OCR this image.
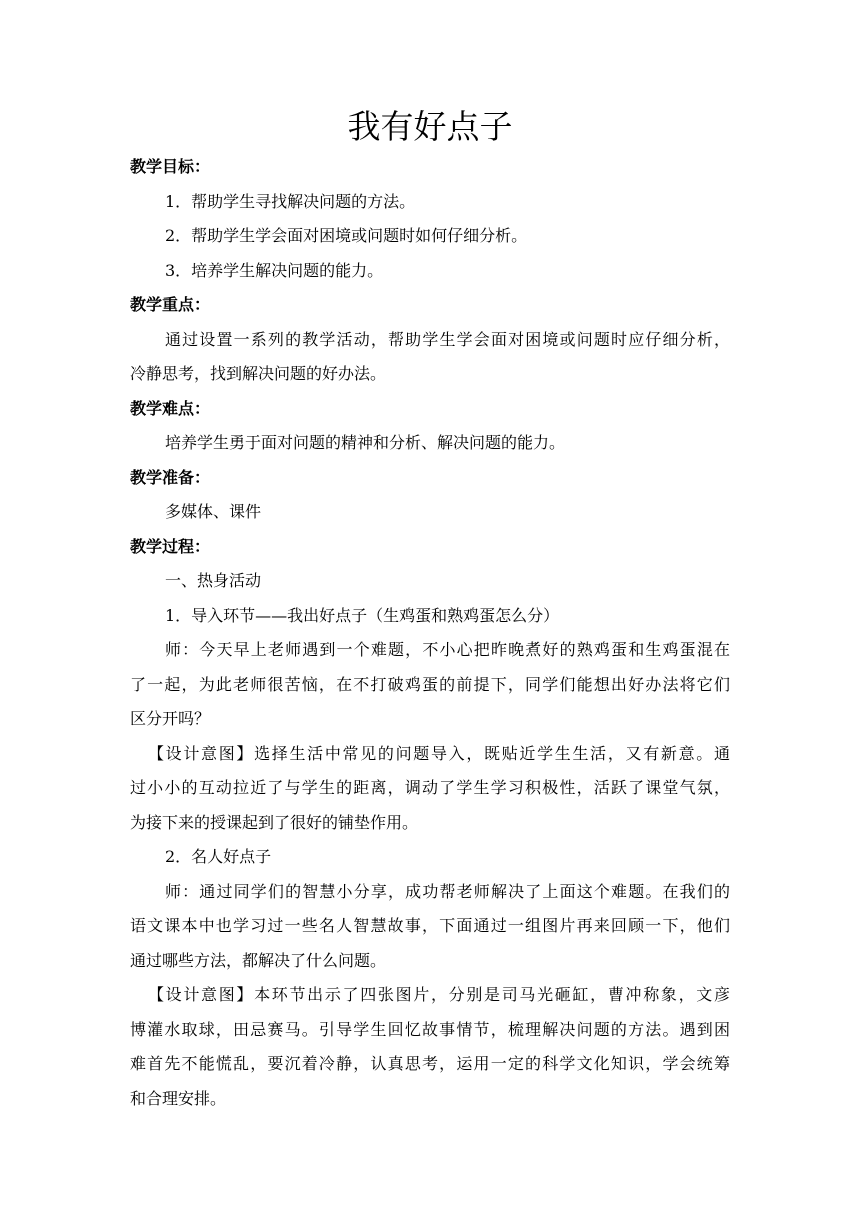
我有好点子
教学目标：
1．帮助学生寻找解决问题的方法。
2．帮助学生学会面对困境或问题时如何仔细分析。
3．培养学生解决问题的能力。
教学重点：

通过设置一系列的教学活动，帮助学生学会面对困境或问题时应仔细分析，

冷静思考，找到解决问题的好办法。

教学难点：
培养学生勇于面对问题的精神和分析、解决问题的能力。
教学准备：
多媒体、课件
教学过程：
一、热身活动
1．导入环节——我出好点子（生鸡蛋和熟鸡蛋怎么分）

师：今天早上老师遇到一个难题，不小心把昨晚煮好的熟鸡蛋和生鸡蛋混在

了一起，为此老师很苦恼，在不打破鸡蛋的前提下，同学们能想出好办法将它们

区分开吗？

【设计意图】选择生活中常见的问题导入，既贴近学生生活，又有新意。通

过小小的互动拉近了与学生的距离，调动了学生学习积极性，活跃了课堂气氛，

为接下来的授课起到了很好的铺垫作用。

2．名人好点子

师：通过同学们的智慧小分享，成功帮老师解决了上面这个难题。在我们的

语文课本中也学习过一些名人智慧故事，下面通过一组图片再来回顾一下，他们

通过哪些方法，都解决了什么问题。

【设计意图】本环节出示了四张图片，分别是司马光砸缸，曹冲称象，文彦

博灌水取球，田忌赛马。引导学生回忆故事情节，梳理解决问题的方法。遇到困

难首先不能慌乱，要沉着冷静，认真思考，运用一定的科学文化知识，学会统筹

和合理安排。
